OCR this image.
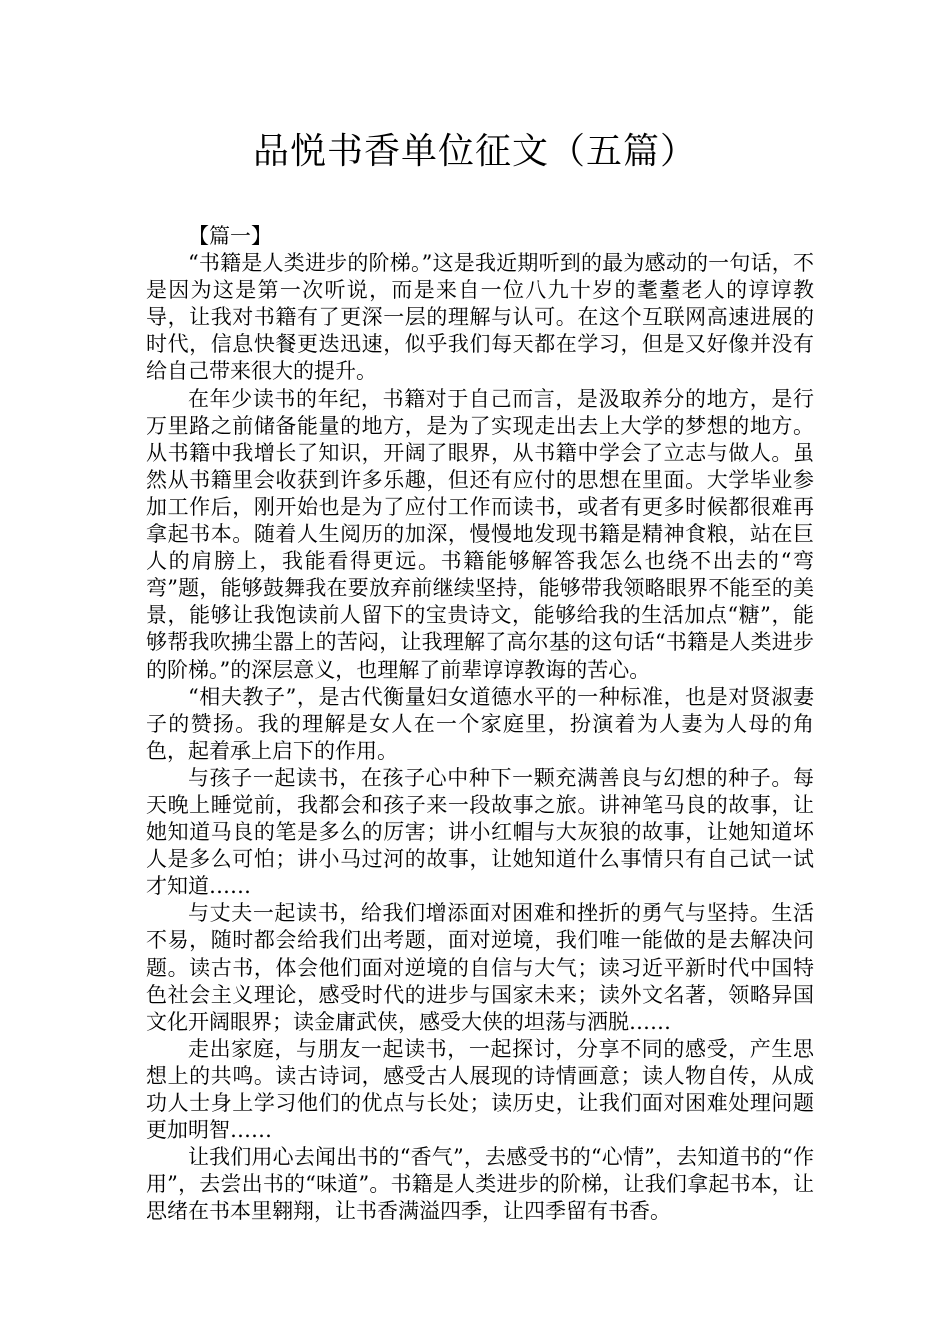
品悦书香单位征文（五篇）
【篇一】

“书籍是人类进步的阶梯。”这是我近期听到的最为感动的一句话，不是因为这是第一次听说，而是来自一位八九十岁的耄耋老人的谆谆教导，让我对书籍有了更深一层的理解与认可。在这个互联网高速进展的时代，信息快餐更迭迅速，似乎我们每天都在学习，但是又好像并没有给自己带来很大的提升。

在年少读书的年纪，书籍对于自己而言，是汲取养分的地方，是行万里路之前储备能量的地方，是为了实现走出去上大学的梦想的地方。从书籍中我增长了知识，开阔了眼界，从书籍中学会了立志与做人。虽然从书籍里会收获到许多乐趣，但还有应付的思想在里面。大学毕业参加工作后，刚开始也是为了应付工作而读书，或者有更多时候都很难再拿起书本。随着人生阅历的加深，慢慢地发现书籍是精神食粮，站在巨人的肩膀上，我能看得更远。书籍能够解答我怎么也绕不出去的“弯弯”题，能够鼓舞我在要放弃前继续坚持，能够带我领略眼界不能至的美景，能够让我饱读前人留下的宝贵诗文，能够给我的生活加点“糖”，能够帮我吹拂尘嚣上的苦闷，让我理解了高尔基的这句话“书籍是人类进步的阶梯。”的深层意义，也理解了前辈谆谆教诲的苦心。

“相夫教子”，是古代衡量妇女道德水平的一种标准，也是对贤淑妻子的赞扬。我的理解是女人在一个家庭里，扮演着为人妻为人母的角色，起着承上启下的作用。

与孩子一起读书，在孩子心中种下一颗充满善良与幻想的种子。每天晚上睡觉前，我都会和孩子来一段故事之旅。讲神笔马良的故事，让她知道马良的笔是多么的厉害；讲小红帽与大灰狼的故事，让她知道坏人是多么可怕；讲小马过河的故事，让她知道什么事情只有自己试一试才知道……

与丈夫一起读书，给我们增添面对困难和挫折的勇气与坚持。生活不易，随时都会给我们出考题，面对逆境，我们唯一能做的是去解决问题。读古书，体会他们面对逆境的自信与大气；读习近平新时代中国特色社会主义理论，感受时代的进步与国家未来；读外文名著，领略异国文化开阔眼界；读金庸武侠，感受大侠的坦荡与洒脱……

走出家庭，与朋友一起读书，一起探讨，分享不同的感受，产生思想上的共鸣。读古诗词，感受古人展现的诗情画意；读人物自传，从成功人士身上学习他们的优点与长处；读历史，让我们面对困难处理问题更加明智……

让我们用心去闻出书的“香气”，去感受书的“心情”，去知道书的“作用”，去尝出书的“味道”。书籍是人类进步的阶梯，让我们拿起书本，让思绪在书本里翱翔，让书香满溢四季，让四季留有书香。
